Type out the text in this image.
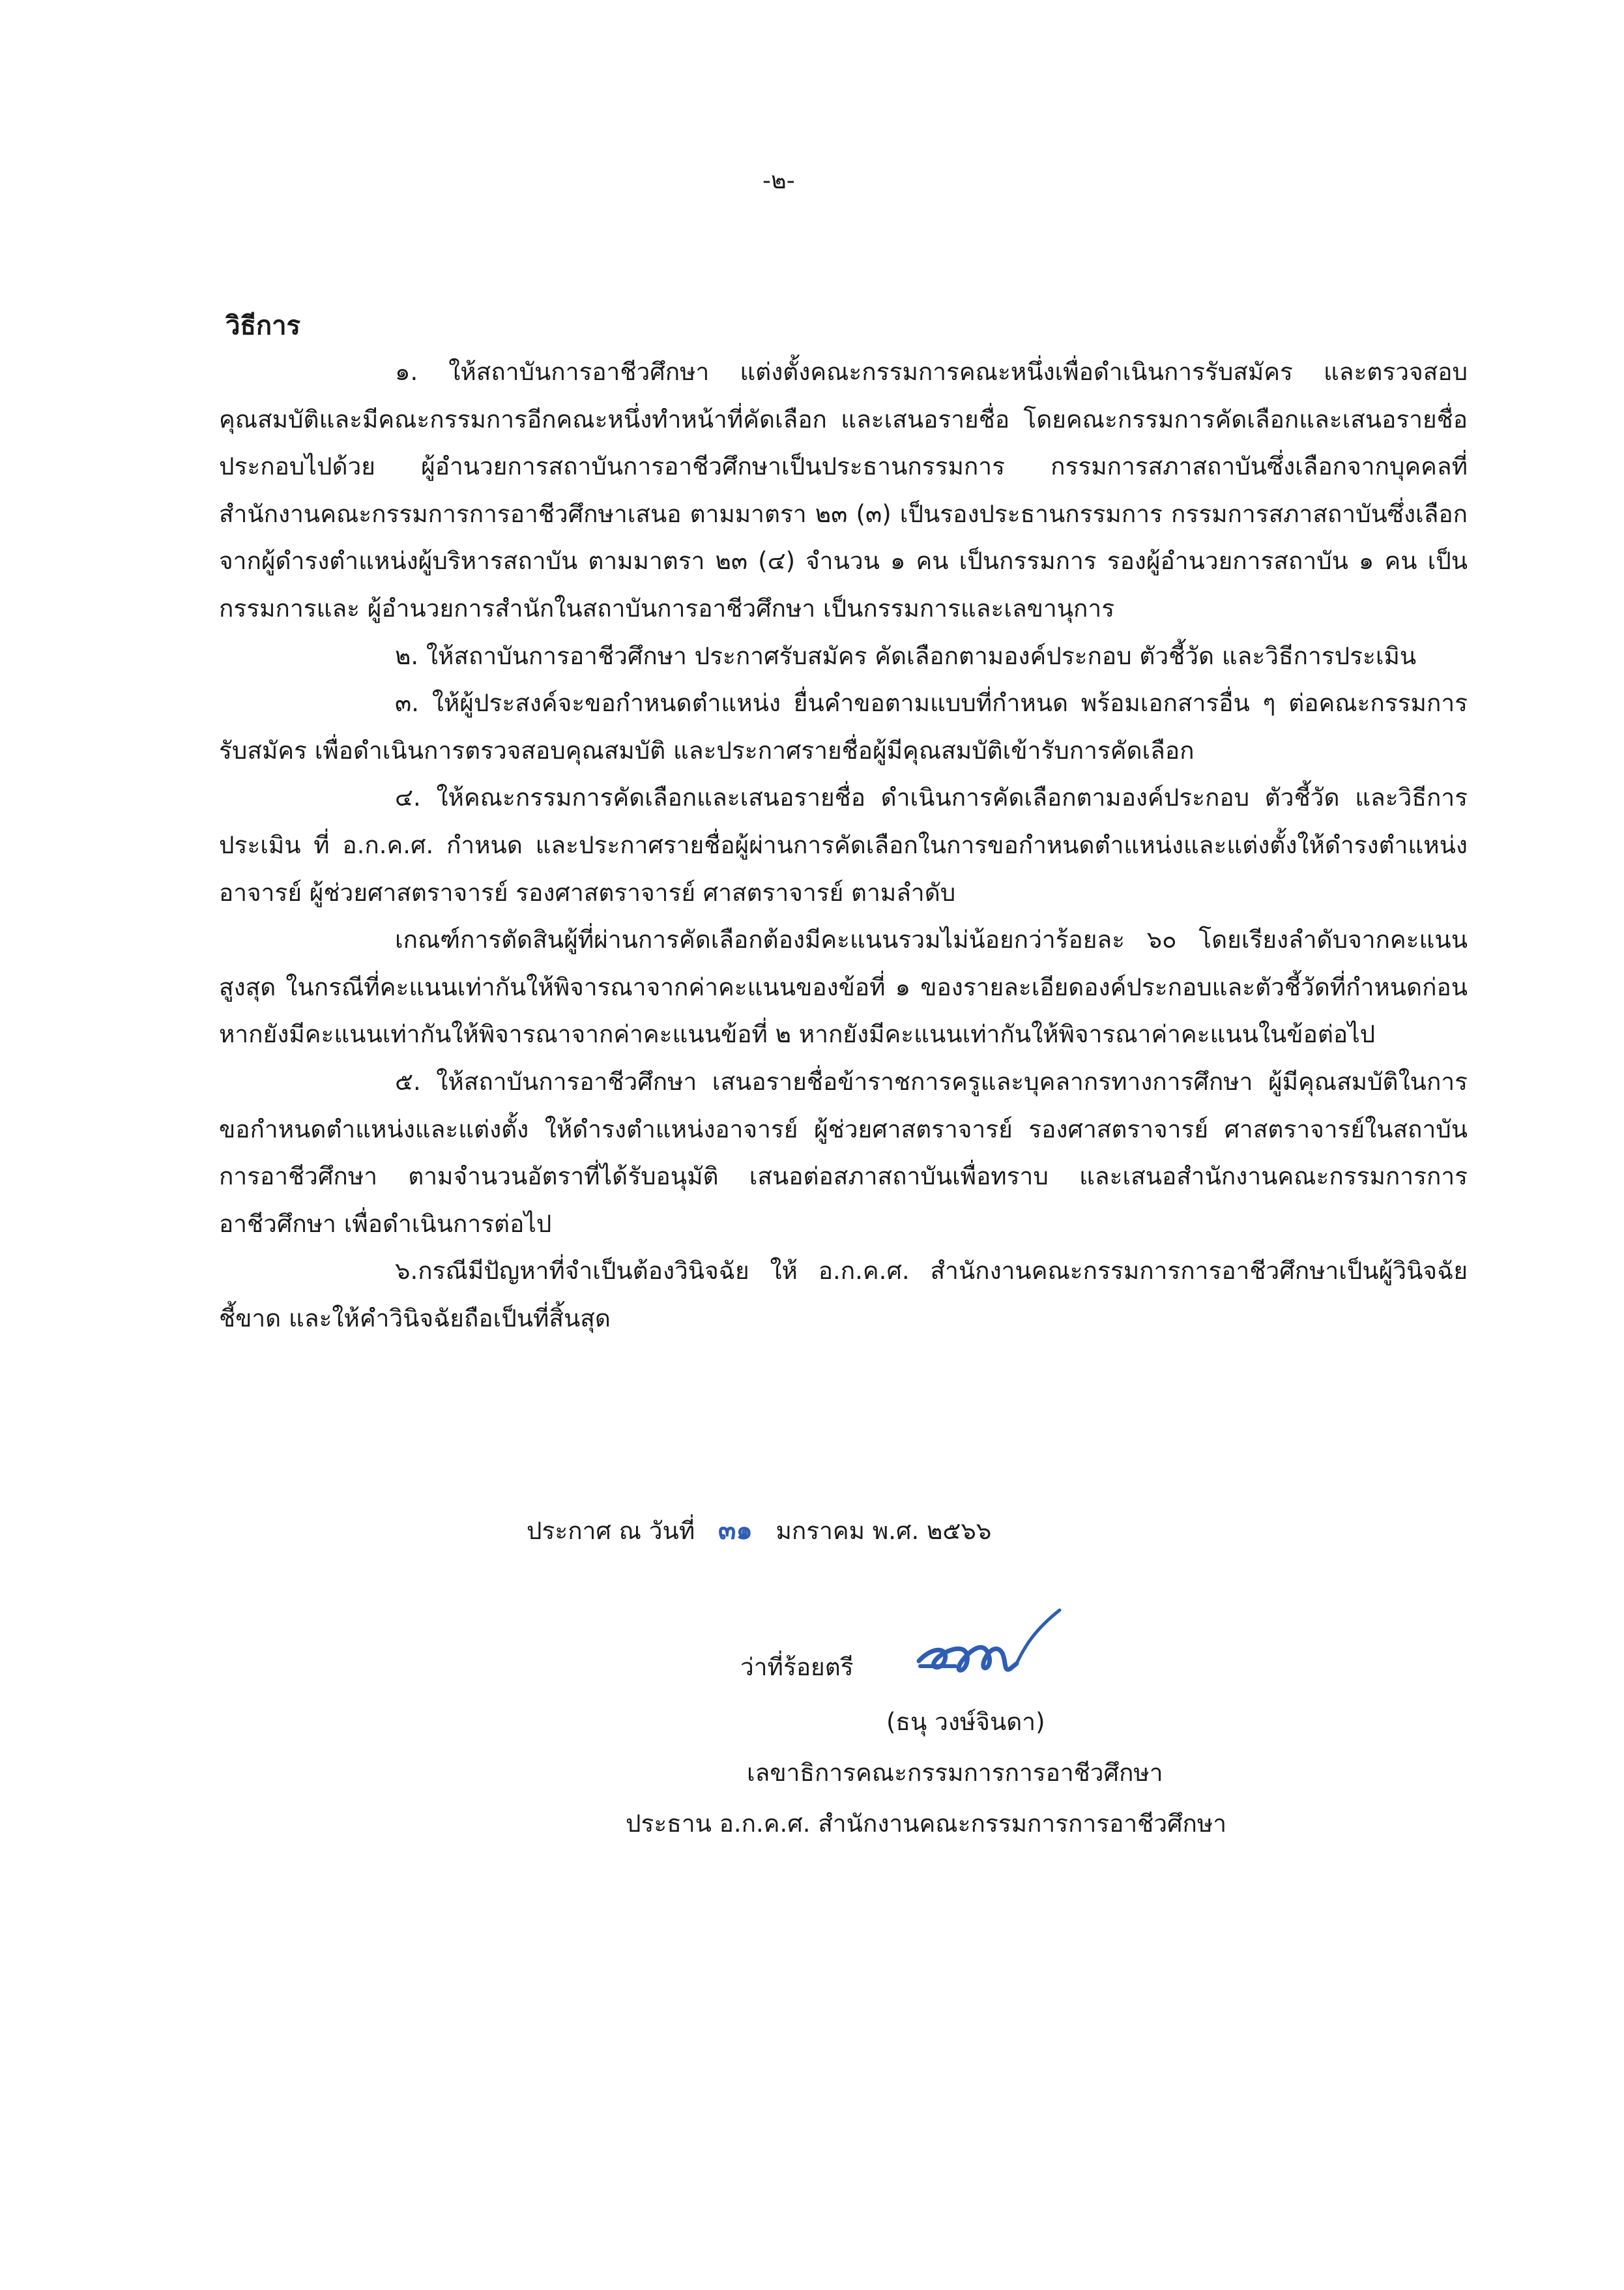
-๒-
วิธีการ

๑. ให้สถาบันการอาชีวศึกษา แต่งตั้งคณะกรรมการคณะหนึ่งเพื่อดำเนินการรับสมัคร และตรวจสอบคุณสมบัติและมีคณะกรรมการอีกคณะหนึ่งทำหน้าที่คัดเลือก และเสนอรายชื่อ โดยคณะกรรมการคัดเลือกและเสนอรายชื่อ ประกอบไปด้วย ผู้อำนวยการสถาบันการอาชีวศึกษาเป็นประธานกรรมการ กรรมการสภาสถาบันซึ่งเลือกจากบุคคลที่สำนักงานคณะกรรมการการอาชีวศึกษาเสนอ ตามมาตรา ๒๓ (๓) เป็นรองประธานกรรมการ กรรมการสภาสถาบันซึ่งเลือกจากผู้ดำรงตำแหน่งผู้บริหารสถาบัน ตามมาตรา ๒๓ (๔) จำนวน ๑ คน เป็นกรรมการ รองผู้อำนวยการสถาบัน ๑ คน เป็นกรรมการและ ผู้อำนวยการสำนักในสถาบันการอาชีวศึกษา เป็นกรรมการและเลขานุการ

๒. ให้สถาบันการอาชีวศึกษา ประกาศรับสมัคร คัดเลือกตามองค์ประกอบ ตัวชี้วัด และวิธีการประเมิน

๓. ให้ผู้ประสงค์จะขอกำหนดตำแหน่ง ยื่นคำขอตามแบบที่กำหนด พร้อมเอกสารอื่น ๆ ต่อคณะกรรมการรับสมัคร เพื่อดำเนินการตรวจสอบคุณสมบัติ และประกาศรายชื่อผู้มีคุณสมบัติเข้ารับการคัดเลือก

๔. ให้คณะกรรมการคัดเลือกและเสนอรายชื่อ ดำเนินการคัดเลือกตามองค์ประกอบ ตัวชี้วัด และวิธีการประเมิน ที่ อ.ก.ค.ศ. กำหนด และประกาศรายชื่อผู้ผ่านการคัดเลือกในการขอกำหนดตำแหน่งและแต่งตั้งให้ดำรงตำแหน่งอาจารย์ ผู้ช่วยศาสตราจารย์ รองศาสตราจารย์ ศาสตราจารย์ ตามลำดับ

เกณฑ์การตัดสินผู้ที่ผ่านการคัดเลือกต้องมีคะแนนรวมไม่น้อยกว่าร้อยละ ๖๐ โดยเรียงลำดับจากคะแนนสูงสุด ในกรณีที่คะแนนเท่ากันให้พิจารณาจากค่าคะแนนของข้อที่ ๑ ของรายละเอียดองค์ประกอบและตัวชี้วัดที่กำหนดก่อน หากยังมีคะแนนเท่ากันให้พิจารณาจากค่าคะแนนข้อที่ ๒ หากยังมีคะแนนเท่ากันให้พิจารณาค่าคะแนนในข้อต่อไป

๕. ให้สถาบันการอาชีวศึกษา เสนอรายชื่อข้าราชการครูและบุคลากรทางการศึกษา ผู้มีคุณสมบัติในการขอกำหนดตำแหน่งและแต่งตั้ง ให้ดำรงตำแหน่งอาจารย์ ผู้ช่วยศาสตราจารย์ รองศาสตราจารย์ ศาสตราจารย์ในสถาบันการอาชีวศึกษา ตามจำนวนอัตราที่ได้รับอนุมัติ เสนอต่อสภาสถาบันเพื่อทราบ และเสนอสำนักงานคณะกรรมการการอาชีวศึกษา เพื่อดำเนินการต่อไป

๖.กรณีมีปัญหาที่จำเป็นต้องวินิจฉัย ให้ อ.ก.ค.ศ. สำนักงานคณะกรรมการการอาชีวศึกษาเป็นผู้วินิจฉัยชี้ขาด และให้คำวินิจฉัยถือเป็นที่สิ้นสุด

ประกาศ ณ วันที่ ๓๑ มกราคม พ.ศ. ๒๕๖๖
ว่าที่ร้อยตรี
(ธนุ วงษ์จินดา)
เลขาธิการคณะกรรมการการอาชีวศึกษา
ประธาน อ.ก.ค.ศ. สำนักงานคณะกรรมการการอาชีวศึกษา
